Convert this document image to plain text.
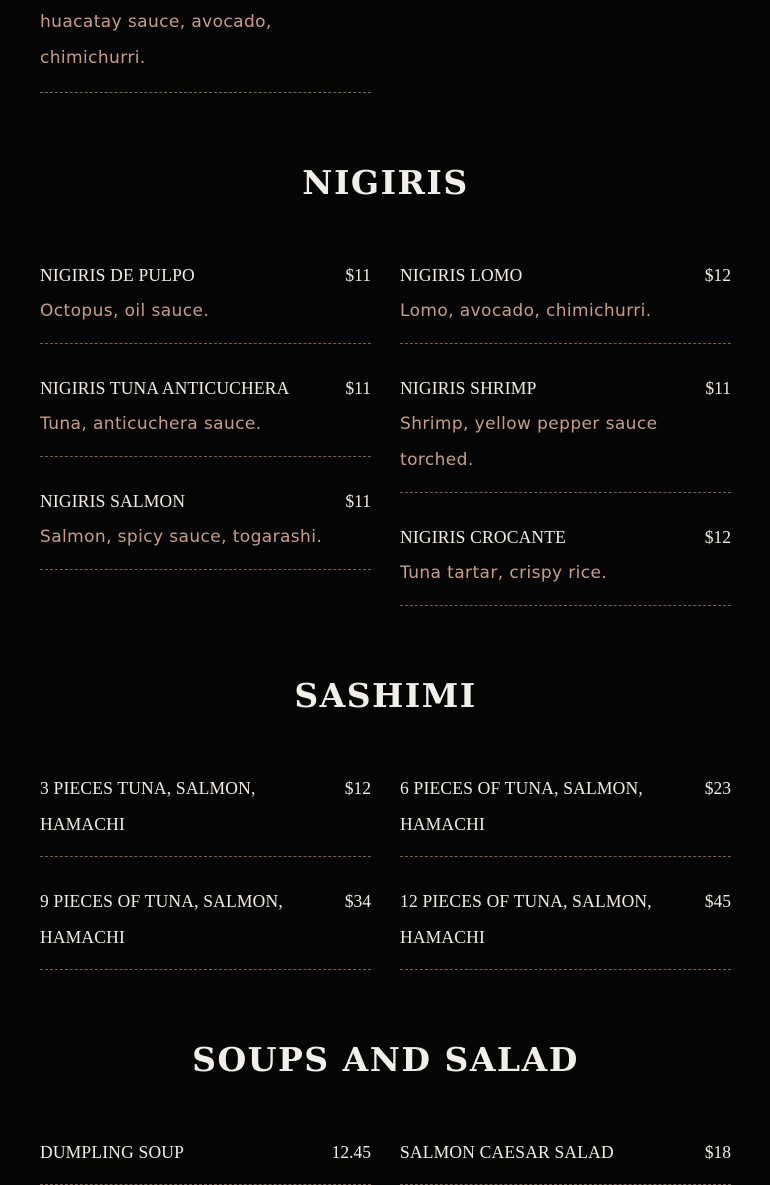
huacatay sauce, avocado, chimichurri.
NIGIRIS
NIGIRIS DE PULPO	$11
Octopus, oil sauce.
NIGIRIS TUNA ANTICUCHERA	$11
Tuna, anticuchera sauce.
NIGIRIS SALMON	$11
Salmon, spicy sauce, togarashi.
NIGIRIS LOMO	$12
Lomo, avocado, chimichurri.
NIGIRIS SHRIMP	$11
Shrimp, yellow pepper sauce torched.
NIGIRIS CROCANTE	$12
Tuna tartar, crispy rice.
SASHIMI
3 PIECES TUNA, SALMON, HAMACHI
$12
9 PIECES OF TUNA, SALMON, HAMACHI
$34
6 PIECES OF TUNA, SALMON, HAMACHI
$23
12 PIECES OF TUNA, SALMON, HAMACHI
$45
SOUPS AND SALAD
DUMPLING SOUP	12.45 SALMON CAESAR SALAD	$18
